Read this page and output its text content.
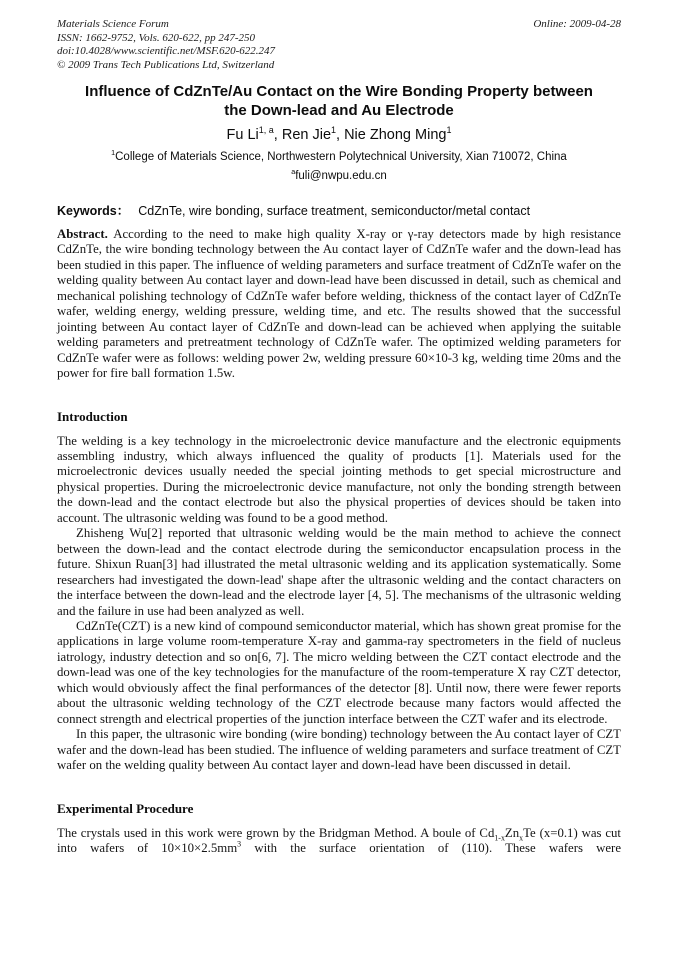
Materials Science Forum	Online: 2009-04-28
ISSN: 1662-9752, Vols. 620-622, pp 247-250
doi:10.4028/www.scientific.net/MSF.620-622.247
© 2009 Trans Tech Publications Ltd, Switzerland
Influence of CdZnTe/Au Contact on the Wire Bonding Property between
the Down-lead and Au Electrode
Fu Li$^{1, a}$, Ren Jie$^1$, Nie Zhong Ming$^1$
$^1$College of Materials Science, Northwestern Polytechnical University, Xian 710072, China
$^a$fuli@nwpu.edu.cn
Keywords： CdZnTe, wire bonding, surface treatment, semiconductor/metal contact

Abstract. According to the need to make high quality X-ray or γ-ray detectors made by high resistance CdZnTe, the wire bonding technology between the Au contact layer of CdZnTe wafer and the down-lead has been studied in this paper. The influence of welding parameters and surface treatment of CdZnTe wafer on the welding quality between Au contact layer and down-lead have been discussed in detail, such as chemical and mechanical polishing technology of CdZnTe wafer before welding, thickness of the contact layer of CdZnTe wafer, welding energy, welding pressure, welding time, and etc. The results showed that the successful jointing between Au contact layer of CdZnTe and down-lead can be achieved when applying the suitable welding parameters and pretreatment technology of CdZnTe wafer. The optimized welding parameters for CdZnTe wafer were as follows: welding power 2w, welding pressure 60×10-3 kg, welding time 20ms and the power for fire ball formation 1.5w.

Introduction

The welding is a key technology in the microelectronic device manufacture and the electronic equipments assembling industry, which always influenced the quality of products [1]. Materials used for the microelectronic devices usually needed the special jointing methods to get special microstructure and physical properties. During the microelectronic device manufacture, not only the bonding strength between the down-lead and the contact electrode but also the physical properties of devices should be taken into account. The ultrasonic welding was found to be a good method.

Zhisheng Wu[2] reported that ultrasonic welding would be the main method to achieve the connect between the down-lead and the contact electrode during the semiconductor encapsulation process in the future. Shixun Ruan[3] had illustrated the metal ultrasonic welding and its application systematically. Some researchers had investigated the down-lead' shape after the ultrasonic welding and the contact characters on the interface between the down-lead and the electrode layer [4, 5]. The mechanisms of the ultrasonic welding and the failure in use had been analyzed as well.

CdZnTe(CZT) is a new kind of compound semiconductor material, which has shown great promise for the applications in large volume room-temperature X-ray and gamma-ray spectrometers in the field of nucleus iatrology, industry detection and so on[6, 7]. The micro welding between the CZT contact electrode and the down-lead was one of the key technologies for the manufacture of the room-temperature X ray CZT detector, which would obviously affect the final performances of the detector [8]. Until now, there were fewer reports about the ultrasonic welding technology of the CZT electrode because many factors would affected the connect strength and electrical properties of the junction interface between the CZT wafer and its electrode.

In this paper, the ultrasonic wire bonding (wire bonding) technology between the Au contact layer of CZT wafer and the down-lead has been studied. The influence of welding parameters and surface treatment of CZT wafer on the welding quality between Au contact layer and down-lead have been discussed in detail.

Experimental Procedure

The crystals used in this work were grown by the Bridgman Method. A boule of $Cd_{1-x}Zn_xTe$ (x=0.1) was cut into wafers of $10\times 10\times 2.5mm^3$ with the surface orientation of (110). These wafers were
